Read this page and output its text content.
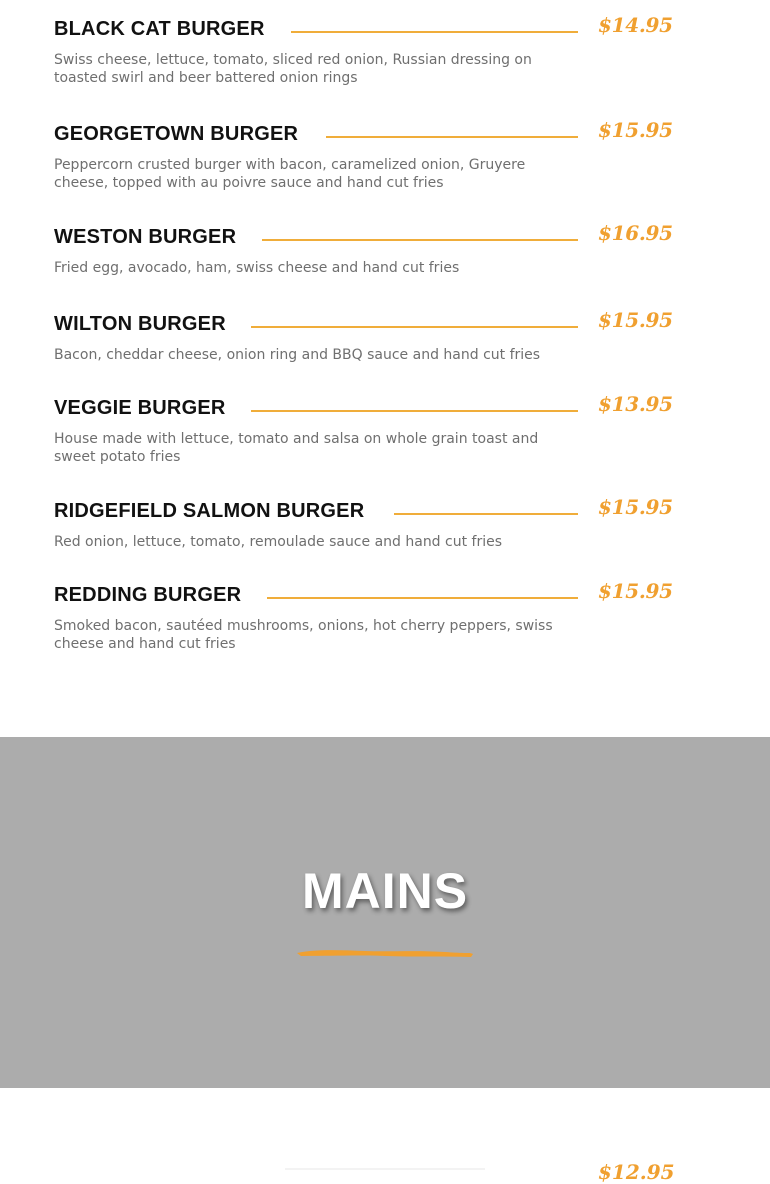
BLACK CAT BURGER	$14.95
Swiss cheese, lettuce, tomato, sliced red onion, Russian dressing on toasted swirl and beer battered onion rings
GEORGETOWN BURGER	$15.95
Peppercorn crusted burger with bacon, caramelized onion, Gruyere cheese, topped with au poivre sauce and hand cut fries
WESTON BURGER	$16.95
Fried egg, avocado, ham, swiss cheese and hand cut fries
WILTON BURGER	$15.95
Bacon, cheddar cheese, onion ring and BBQ sauce and hand cut fries
VEGGIE BURGER	$13.95
House made with lettuce, tomato and salsa on whole grain toast and sweet potato fries
RIDGEFIELD SALMON BURGER	$15.95
Red onion, lettuce, tomato, remoulade sauce and hand cut fries
REDDING BURGER	$15.95
Smoked bacon, sautéed mushrooms, onions, hot cherry peppers, swiss cheese and hand cut fries
MAINS
$12.95
